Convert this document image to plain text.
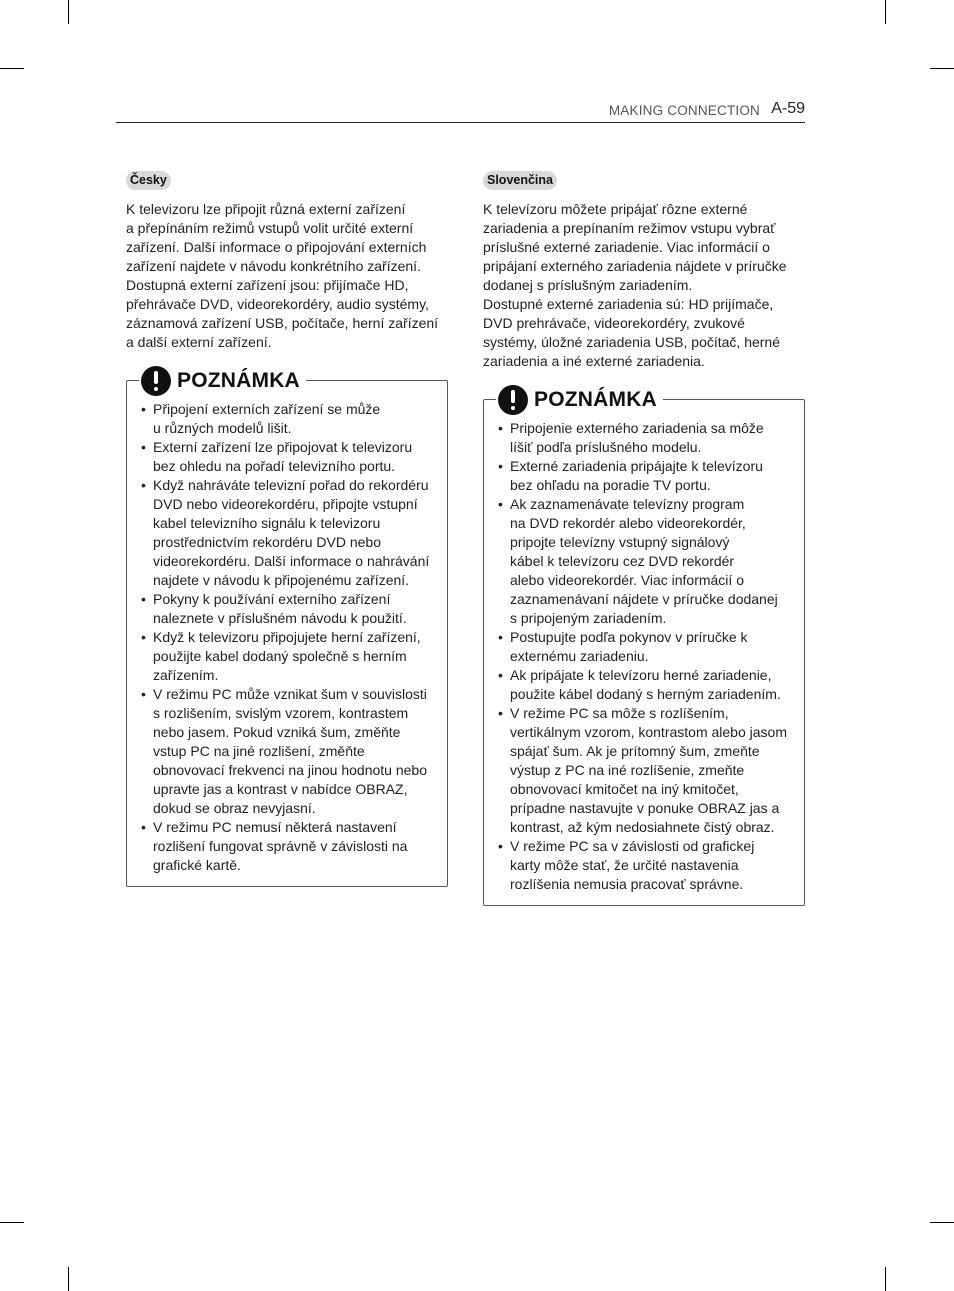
MAKING CONNECTION A-59
Česky
K televizoru lze připojit různá externí zařízení
a přepínáním režimů vstupů volit určité externí
zařízení. Další informace o připojování externích
zařízení najdete v návodu konkrétního zařízení.
Dostupná externí zařízení jsou: přijímače HD,
přehrávače DVD, videorekordéry, audio systémy,
záznamová zařízení USB, počítače, herní zařízení
a další externí zařízení.
POZNÁMKA
• Připojení externích zařízení se může
u různých modelů lišit.
• Externí zařízení lze připojovat k televizoru
bez ohledu na pořadí televizního portu.
• Když nahráváte televizní pořad do rekordéru
DVD nebo videorekordéru, připojte vstupní
kabel televizního signálu k televizoru
prostřednictvím rekordéru DVD nebo
videorekordéru. Další informace o nahrávání
najdete v návodu k připojenému zařízení.
• Pokyny k používání externího zařízení
naleznete v příslušném návodu k použití.
• Když k televizoru připojujete herní zařízení,
použijte kabel dodaný společně s herním
zařízením.
• V režimu PC může vznikat šum v souvislosti
s rozlišením, svislým vzorem, kontrastem
nebo jasem. Pokud vzniká šum, změňte
vstup PC na jiné rozlišení, změňte
obnovovací frekvenci na jinou hodnotu nebo
upravte jas a kontrast v nabídce OBRAZ,
dokud se obraz nevyjasní.
• V režimu PC nemusí některá nastavení
rozlišení fungovat správně v závislosti na
grafické kartě.
Slovenčina
K televízoru môžete pripájať rôzne externé
zariadenia a prepínaním režimov vstupu vybrať
príslušné externé zariadenie. Viac informácií o
pripájaní externého zariadenia nájdete v príručke
dodanej s príslušným zariadením.
Dostupné externé zariadenia sú: HD prijímače,
DVD prehrávače, videorekordéry, zvukové
systémy, úložné zariadenia USB, počítač, herné
zariadenia a iné externé zariadenia.
POZNÁMKA
• Pripojenie externého zariadenia sa môže
líšiť podľa príslušného modelu.
• Externé zariadenia pripájajte k televízoru
bez ohľadu na poradie TV portu.
• Ak zaznamenávate televízny program
na DVD rekordér alebo videorekordér,
pripojte televízny vstupný signálový
kábel k televízoru cez DVD rekordér
alebo videorekordér. Viac informácií o
zaznamenávaní nájdete v príručke dodanej
s pripojeným zariadením.
• Postupujte podľa pokynov v príručke k
externému zariadeniu.
• Ak pripájate k televízoru herné zariadenie,
použite kábel dodaný s herným zariadením.
• V režime PC sa môže s rozlíšením,
vertikálnym vzorom, kontrastom alebo jasom
spájať šum. Ak je prítomný šum, zmeňte
výstup z PC na iné rozlíšenie, zmeňte
obnovovací kmitočet na iný kmitočet,
prípadne nastavujte v ponuke OBRAZ jas a
kontrast, až kým nedosiahnete čistý obraz.
• V režime PC sa v závislosti od grafickej
karty môže stať, že určité nastavenia
rozlíšenia nemusia pracovať správne.
